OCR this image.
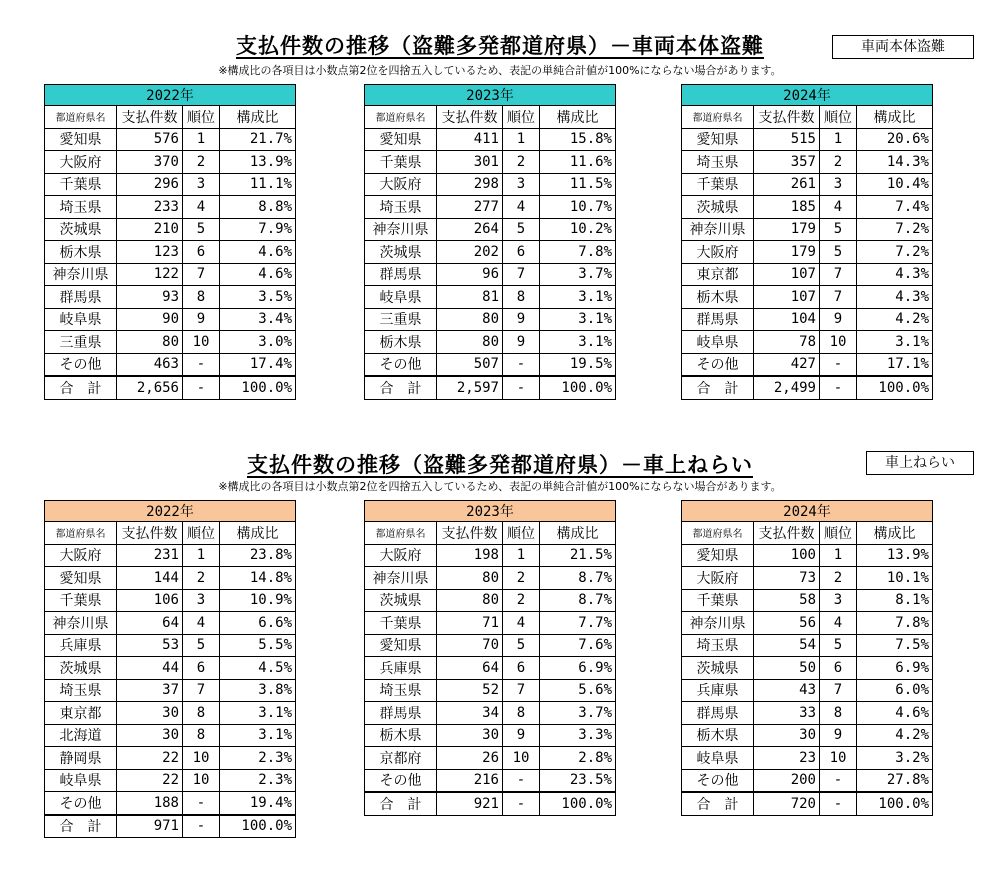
支払件数の推移（盗難多発都道府県）－車両本体盗難	車両本体盗難
※構成比の各項目は小数点第2位を四捨五入しているため、表記の単純合計値が100%にならない場合があります。
2022年			
都道府県名	支払件数	順位	構成比
愛知県	576	1	21.7%
大阪府	370	2	13.9%
千葉県	296	3	11.1%
埼玉県	233	4	8.8%
茨城県	210	5	7.9%
栃木県	123	6	4.6%
神奈川県	122	7	4.6%
群馬県	93	8	3.5%
岐阜県	90	9	3.4%
三重県	80	10	3.0%
その他	463	-	17.4%
合　計	2,656	-	100.0%
2023年			
都道府県名	支払件数	順位	構成比
愛知県	411	1	15.8%
千葉県	301	2	11.6%
大阪府	298	3	11.5%
埼玉県	277	4	10.7%
神奈川県	264	5	10.2%
茨城県	202	6	7.8%
群馬県	96	7	3.7%
岐阜県	81	8	3.1%
三重県	80	9	3.1%
栃木県	80	9	3.1%
その他	507	-	19.5%
合　計	2,597	-	100.0%
2024年			
都道府県名	支払件数	順位	構成比
愛知県	515	1	20.6%
埼玉県	357	2	14.3%
千葉県	261	3	10.4%
茨城県	185	4	7.4%
神奈川県	179	5	7.2%
大阪府	179	5	7.2%
東京都	107	7	4.3%
栃木県	107	7	4.3%
群馬県	104	9	4.2%
岐阜県	78	10	3.1%
その他	427	-	17.1%
合　計	2,499	-	100.0%
支払件数の推移（盗難多発都道府県）－車上ねらい	車上ねらい
※構成比の各項目は小数点第2位を四捨五入しているため、表記の単純合計値が100%にならない場合があります。
2022年			
都道府県名	支払件数	順位	構成比
大阪府	231	1	23.8%
愛知県	144	2	14.8%
千葉県	106	3	10.9%
神奈川県	64	4	6.6%
兵庫県	53	5	5.5%
茨城県	44	6	4.5%
埼玉県	37	7	3.8%
東京都	30	8	3.1%
北海道	30	8	3.1%
静岡県	22	10	2.3%
岐阜県	22	10	2.3%
その他	188	-	19.4%
合　計	971	-	100.0%
2023年			
都道府県名	支払件数	順位	構成比
大阪府	198	1	21.5%
神奈川県	80	2	8.7%
茨城県	80	2	8.7%
千葉県	71	4	7.7%
愛知県	70	5	7.6%
兵庫県	64	6	6.9%
埼玉県	52	7	5.6%
群馬県	34	8	3.7%
栃木県	30	9	3.3%
京都府	26	10	2.8%
その他	216	-	23.5%
合　計	921	-	100.0%
2024年			
都道府県名	支払件数	順位	構成比
愛知県	100	1	13.9%
大阪府	73	2	10.1%
千葉県	58	3	8.1%
神奈川県	56	4	7.8%
埼玉県	54	5	7.5%
茨城県	50	6	6.9%
兵庫県	43	7	6.0%
群馬県	33	8	4.6%
栃木県	30	9	4.2%
岐阜県	23	10	3.2%
その他	200	-	27.8%
合　計	720	-	100.0%
